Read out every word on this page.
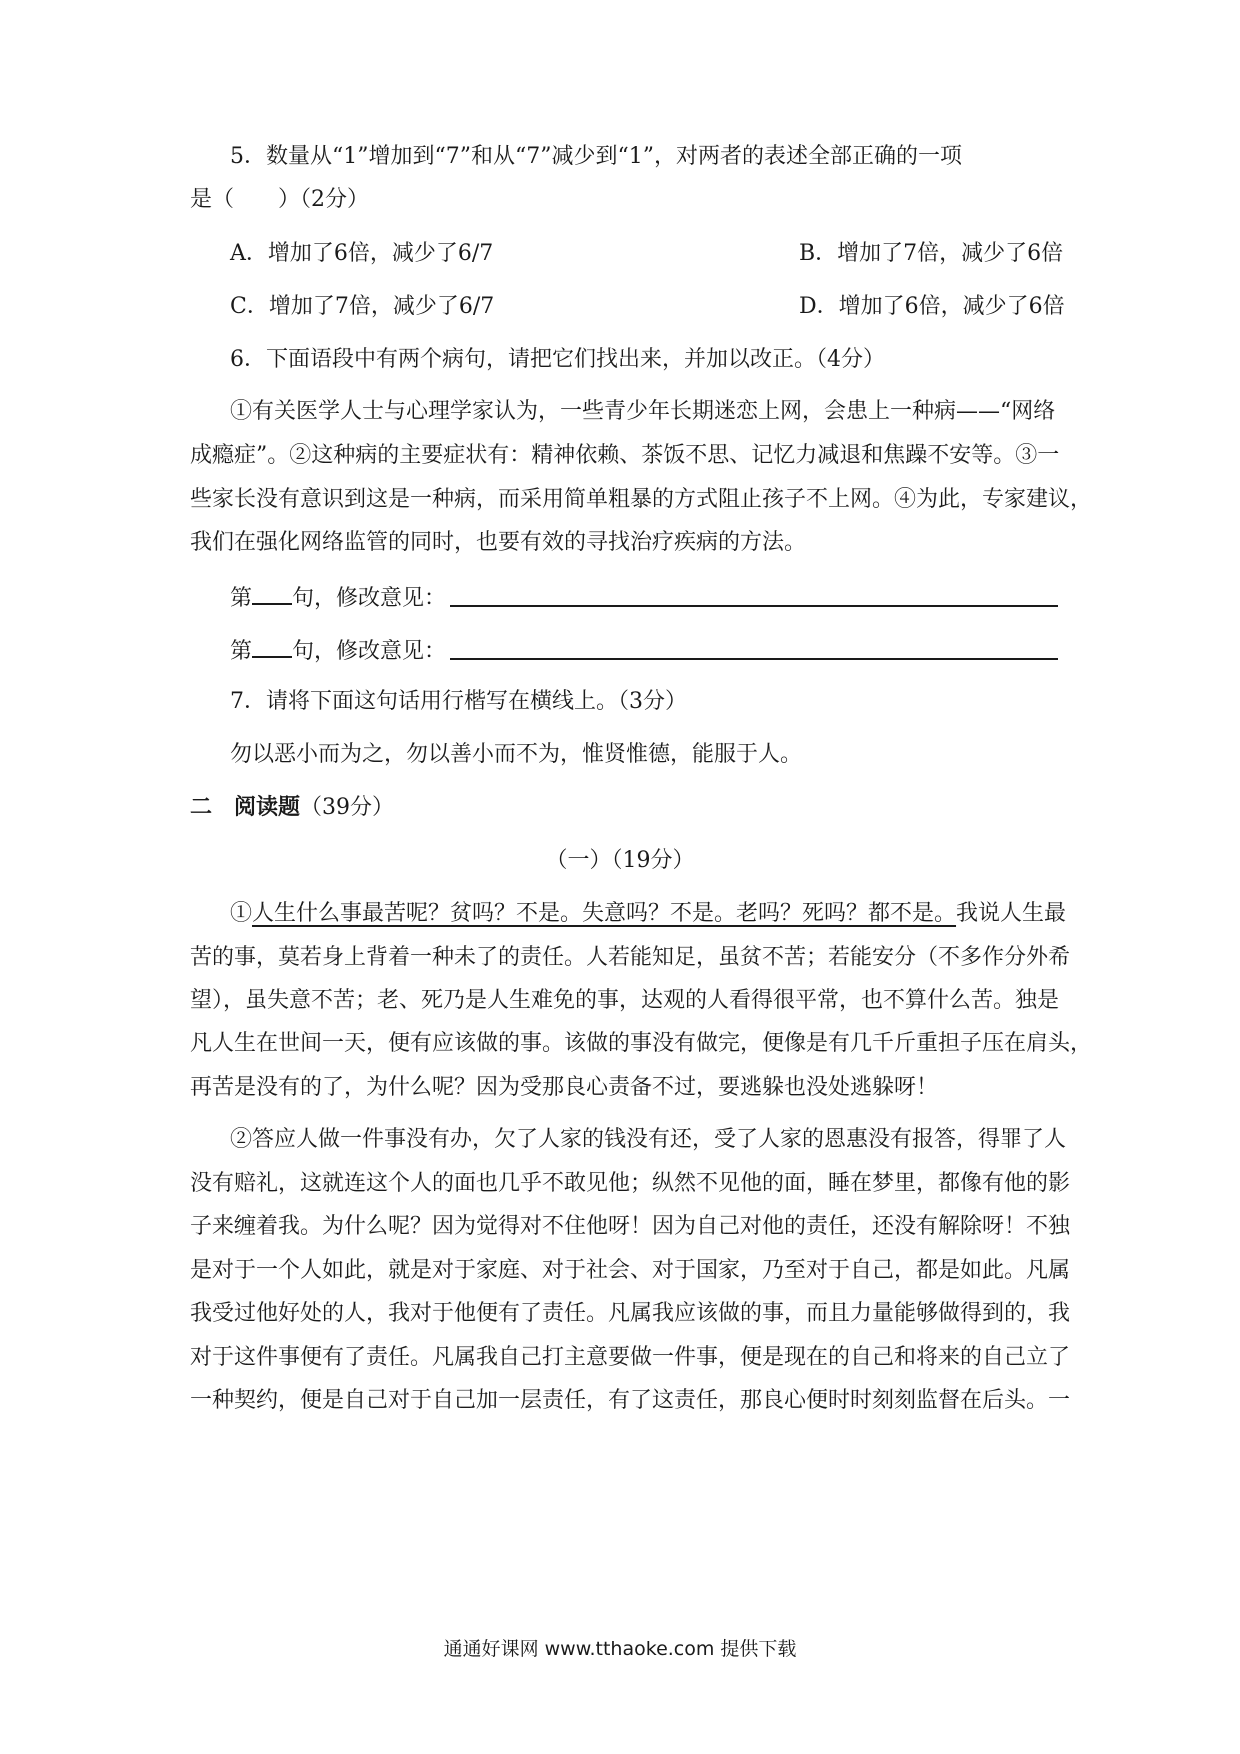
5．数量从“1”增加到“7”和从“7”减少到“1”，对两者的表述全部正确的一项
是（　　）（2分）
A．增加了6倍，减少了6/7	B．增加了7倍，减少了6倍
C．增加了7倍，减少了6/7	D．增加了6倍，减少了6倍
6．下面语段中有两个病句，请把它们找出来，并加以改正。（4分）
①有关医学人士与心理学家认为，一些青少年长期迷恋上网，会患上一种病——“网络
成瘾症”。②这种病的主要症状有：精神依赖、茶饭不思、记忆力减退和焦躁不安等。③一
些家长没有意识到这是一种病，而采用简单粗暴的方式阻止孩子不上网。④为此，专家建议，
我们在强化网络监管的同时，也要有效的寻找治疗疾病的方法。
第 句，修改意见：
第 句，修改意见：
7．请将下面这句话用行楷写在横线上。（3分）
勿以恶小而为之，勿以善小而不为，惟贤惟德，能服于人。
二 阅读题（39分）
（一）（19分）
①人生什么事最苦呢？贫吗？不是。失意吗？不是。老吗？死吗？都不是。我说人生最
苦的事，莫若身上背着一种未了的责任。人若能知足，虽贫不苦；若能安分（不多作分外希
望），虽失意不苦；老、死乃是人生难免的事，达观的人看得很平常，也不算什么苦。独是
凡人生在世间一天，便有应该做的事。该做的事没有做完，便像是有几千斤重担子压在肩头，
再苦是没有的了，为什么呢？因为受那良心责备不过，要逃躲也没处逃躲呀！
②答应人做一件事没有办，欠了人家的钱没有还，受了人家的恩惠没有报答，得罪了人
没有赔礼，这就连这个人的面也几乎不敢见他；纵然不见他的面，睡在梦里，都像有他的影
子来缠着我。为什么呢？因为觉得对不住他呀！因为自己对他的责任，还没有解除呀！不独
是对于一个人如此，就是对于家庭、对于社会、对于国家，乃至对于自己，都是如此。凡属
我受过他好处的人，我对于他便有了责任。凡属我应该做的事，而且力量能够做得到的，我
对于这件事便有了责任。凡属我自己打主意要做一件事，便是现在的自己和将来的自己立了
一种契约，便是自己对于自己加一层责任，有了这责任，那良心便时时刻刻监督在后头。一
通通好课网 www.tthaoke.com 提供下载
